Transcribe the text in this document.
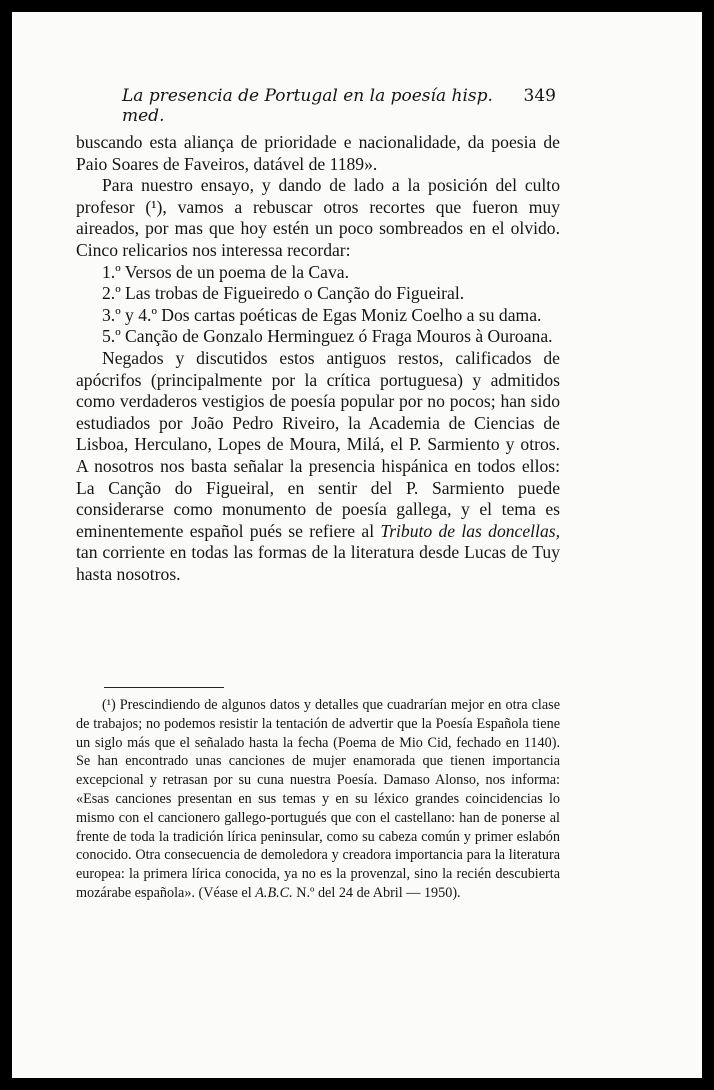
La presencia de Portugal en la poesía hisp. med.
349

buscando esta aliança de prioridade e nacionalidade, da poesia de Paio Soares de Faveiros, datável de 1189».

Para nuestro ensayo, y dando de lado a la posición del culto profesor (¹), vamos a rebuscar otros recortes que fueron muy aireados, por mas que hoy estén un poco sombreados en el olvido. Cinco relicarios nos interessa recordar:

1.º Versos de un poema de la Cava.

2.º Las trobas de Figueiredo o Canção do Figueiral.

3.º y 4.º Dos cartas poéticas de Egas Moniz Coelho a su dama.

5.º Canção de Gonzalo Herminguez ó Fraga Mouros à Ouroana.

Negados y discutidos estos antiguos restos, calificados de apócrifos (principalmente por la crítica portuguesa) y admitidos como verdaderos vestigios de poesía popular por no pocos; han sido estudiados por João Pedro Riveiro, la Academia de Ciencias de Lisboa, Herculano, Lopes de Moura, Milá, el P. Sarmiento y otros. A nosotros nos basta señalar la presencia hispánica en todos ellos: La Canção do Figueiral, en sentir del P. Sarmiento puede considerarse como monumento de poesía gallega, y el tema es eminentemente español pués se refiere al Tributo de las doncellas, tan corriente en todas las formas de la literatura desde Lucas de Tuy hasta nosotros.

(¹) Prescindiendo de algunos datos y detalles que cuadrarían mejor en otra clase de trabajos; no podemos resistir la tentación de advertir que la Poesía Española tiene un siglo más que el señalado hasta la fecha (Poema de Mio Cid, fechado en 1140). Se han encontrado unas canciones de mujer enamorada que tienen importancia excepcional y retrasan por su cuna nuestra Poesía. Damaso Alonso, nos informa: «Esas canciones presentan en sus temas y en su léxico grandes coincidencias lo mismo con el cancionero gallego-portugués que con el castellano: han de ponerse al frente de toda la tradición lírica peninsular, como su cabeza común y primer eslabón conocido. Otra consecuencia de demoledora y creadora importancia para la literatura europea: la primera lírica conocida, ya no es la provenzal, sino la recién descubierta mozárabe española». (Véase el A.B.C. N.º del 24 de Abril — 1950).
